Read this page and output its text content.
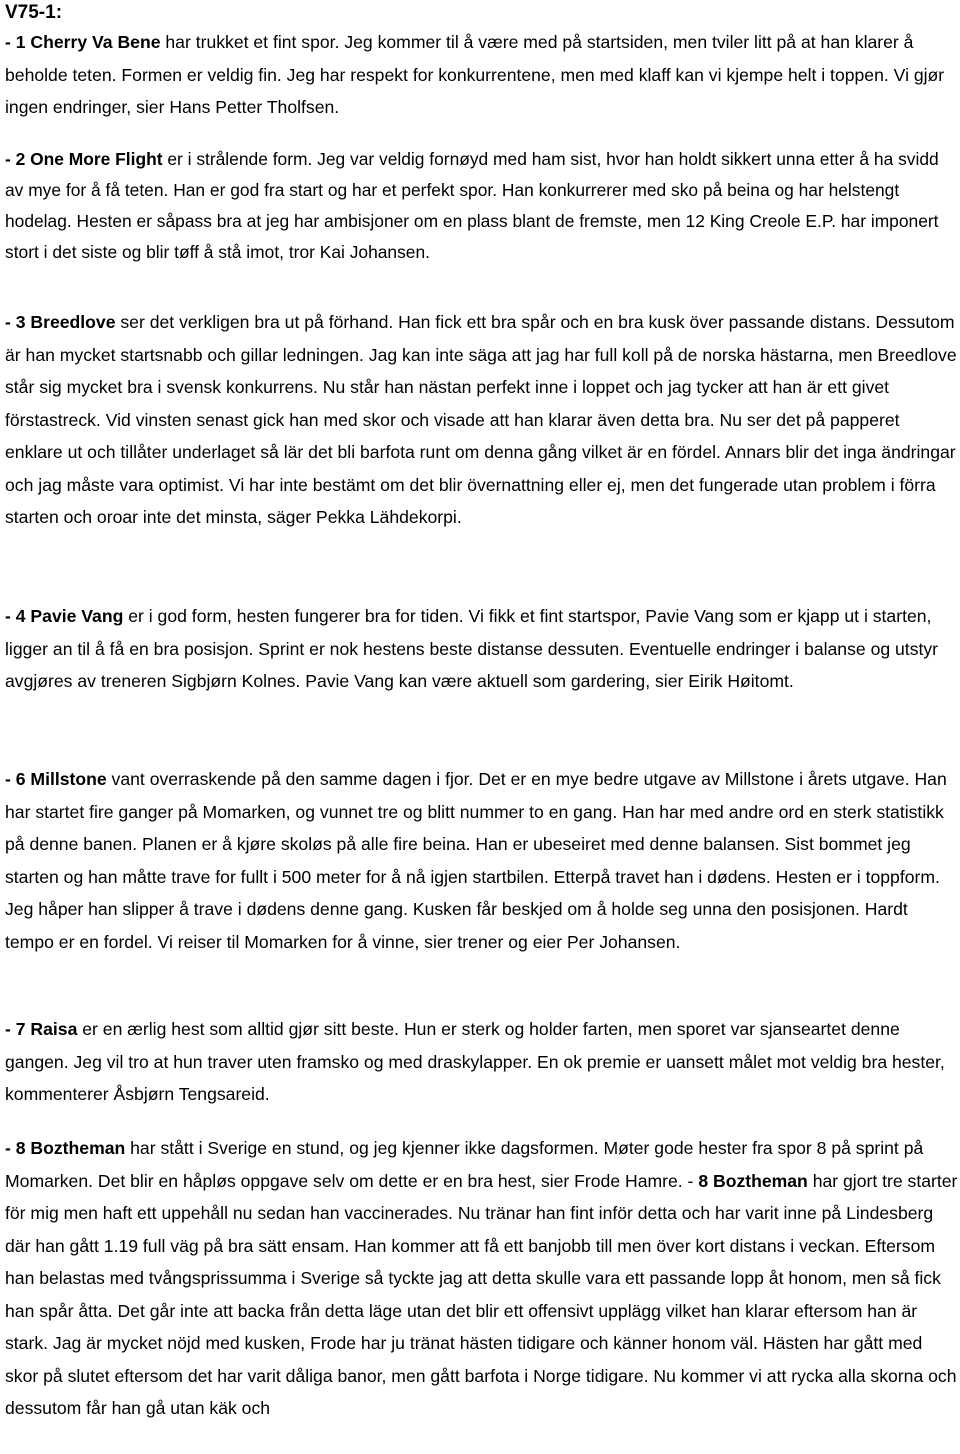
V75-1:

- 1 Cherry Va Bene har trukket et fint spor. Jeg kommer til å være med på startsiden, men tviler litt på at han klarer å beholde teten. Formen er veldig fin. Jeg har respekt for konkurrentene, men med klaff kan vi kjempe helt i toppen. Vi gjør ingen endringer, sier Hans Petter Tholfsen.

- 2 One More Flight er i strålende form. Jeg var veldig fornøyd med ham sist, hvor han holdt sikkert unna etter å ha svidd av mye for å få teten. Han er god fra start og har et perfekt spor. Han konkurrerer med sko på beina og har helstengt hodelag. Hesten er såpass bra at jeg har ambisjoner om en plass blant de fremste, men 12 King Creole E.P. har imponert stort i det siste og blir tøff å stå imot, tror Kai Johansen.

- 3 Breedlove ser det verkligen bra ut på förhand. Han fick ett bra spår och en bra kusk över passande distans. Dessutom är han mycket startsnabb och gillar ledningen. Jag kan inte säga att jag har full koll på de norska hästarna, men Breedlove står sig mycket bra i svensk konkurrens. Nu står han nästan perfekt inne i loppet och jag tycker att han är ett givet förstastreck. Vid vinsten senast gick han med skor och visade att han klarar även detta bra. Nu ser det på papperet enklare ut och tillåter underlaget så lär det bli barfota runt om denna gång vilket är en fördel. Annars blir det inga ändringar och jag måste vara optimist. Vi har inte bestämt om det blir övernattning eller ej, men det fungerade utan problem i förra starten och oroar inte det minsta, säger Pekka Lähdekorpi.

- 4 Pavie Vang er i god form, hesten fungerer bra for tiden. Vi fikk et fint startspor, Pavie Vang som er kjapp ut i starten, ligger an til å få en bra posisjon. Sprint er nok hestens beste distanse dessuten. Eventuelle endringer i balanse og utstyr avgjøres av treneren Sigbjørn Kolnes. Pavie Vang kan være aktuell som gardering, sier Eirik Høitomt.

- 6 Millstone vant overraskende på den samme dagen i fjor. Det er en mye bedre utgave av Millstone i årets utgave. Han har startet fire ganger på Momarken, og vunnet tre og blitt nummer to en gang. Han har med andre ord en sterk statistikk på denne banen. Planen er å kjøre skoløs på alle fire beina. Han er ubeseiret med denne balansen. Sist bommet jeg starten og han måtte trave for fullt i 500 meter for å nå igjen startbilen. Etterpå travet han i dødens. Hesten er i toppform. Jeg håper han slipper å trave i dødens denne gang. Kusken får beskjed om å holde seg unna den posisjonen. Hardt tempo er en fordel. Vi reiser til Momarken for å vinne, sier trener og eier Per Johansen.

- 7 Raisa er en ærlig hest som alltid gjør sitt beste. Hun er sterk og holder farten, men sporet var sjanseartet denne gangen. Jeg vil tro at hun traver uten framsko og med draskylapper. En ok premie er uansett målet mot veldig bra hester, kommenterer Åsbjørn Tengsareid.

- 8 Boztheman har stått i Sverige en stund, og jeg kjenner ikke dagsformen. Møter gode hester fra spor 8 på sprint på Momarken. Det blir en håpløs oppgave selv om dette er en bra hest, sier Frode Hamre. - 8 Boztheman har gjort tre starter för mig men haft ett uppehåll nu sedan han vaccinerades. Nu tränar han fint inför detta och har varit inne på Lindesberg där han gått 1.19 full väg på bra sätt ensam. Han kommer att få ett banjobb till men över kort distans i veckan. Eftersom han belastas med tvångsprissumma i Sverige så tyckte jag att detta skulle vara ett passande lopp åt honom, men så fick han spår åtta. Det går inte att backa från detta läge utan det blir ett offensivt upplägg vilket han klarar eftersom han är stark. Jag är mycket nöjd med kusken, Frode har ju tränat hästen tidigare och känner honom väl. Hästen har gått med skor på slutet eftersom det har varit dåliga banor, men gått barfota i Norge tidigare. Nu kommer vi att rycka alla skorna och dessutom får han gå utan käk och
